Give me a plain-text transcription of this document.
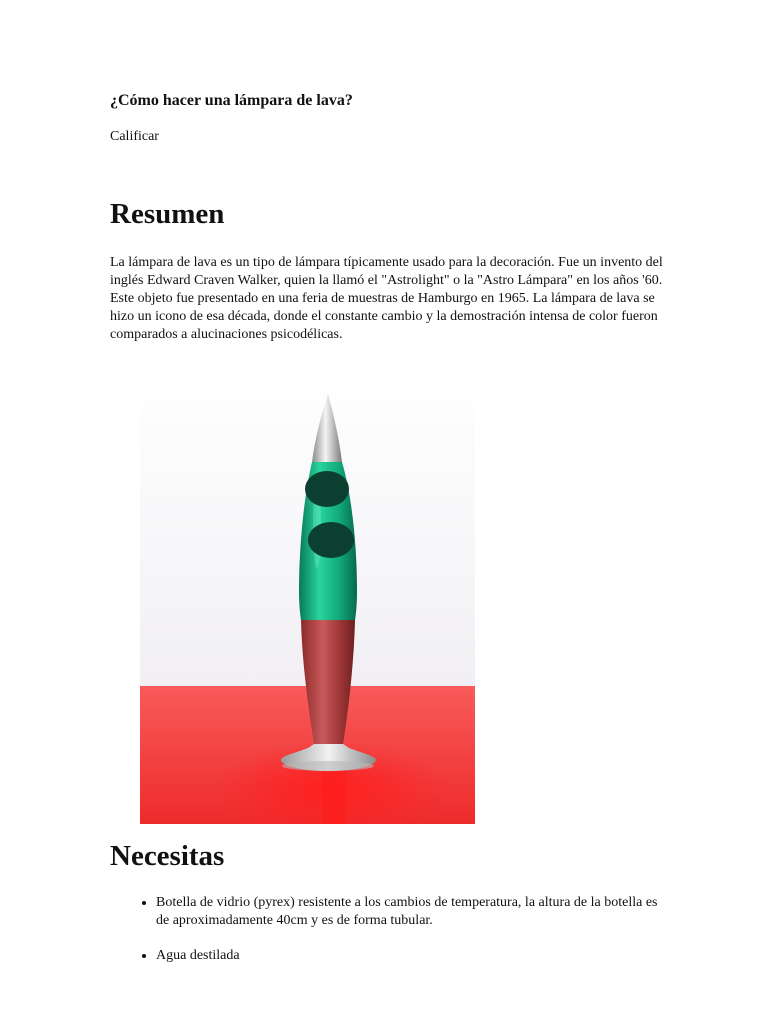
¿Cómo hacer una lámpara de lava?

Calificar

Resumen

La lámpara de lava es un tipo de lámpara típicamente usado para la decoración. Fue un invento del inglés Edward Craven Walker, quien la llamó el "Astrolight" o la "Astro Lámpara" en los años '60. Este objeto fue presentado en una feria de muestras de Hamburgo en 1965. La lámpara de lava se hizo un icono de esa década, donde el constante cambio y la demostración intensa de color fueron comparados a alucinaciones psicodélicas.

Necesitas
• Botella de vidrio (pyrex) resistente a los cambios de temperatura, la altura de la botella es de aproximadamente 40cm y es de forma tubular.
• Agua destilada
